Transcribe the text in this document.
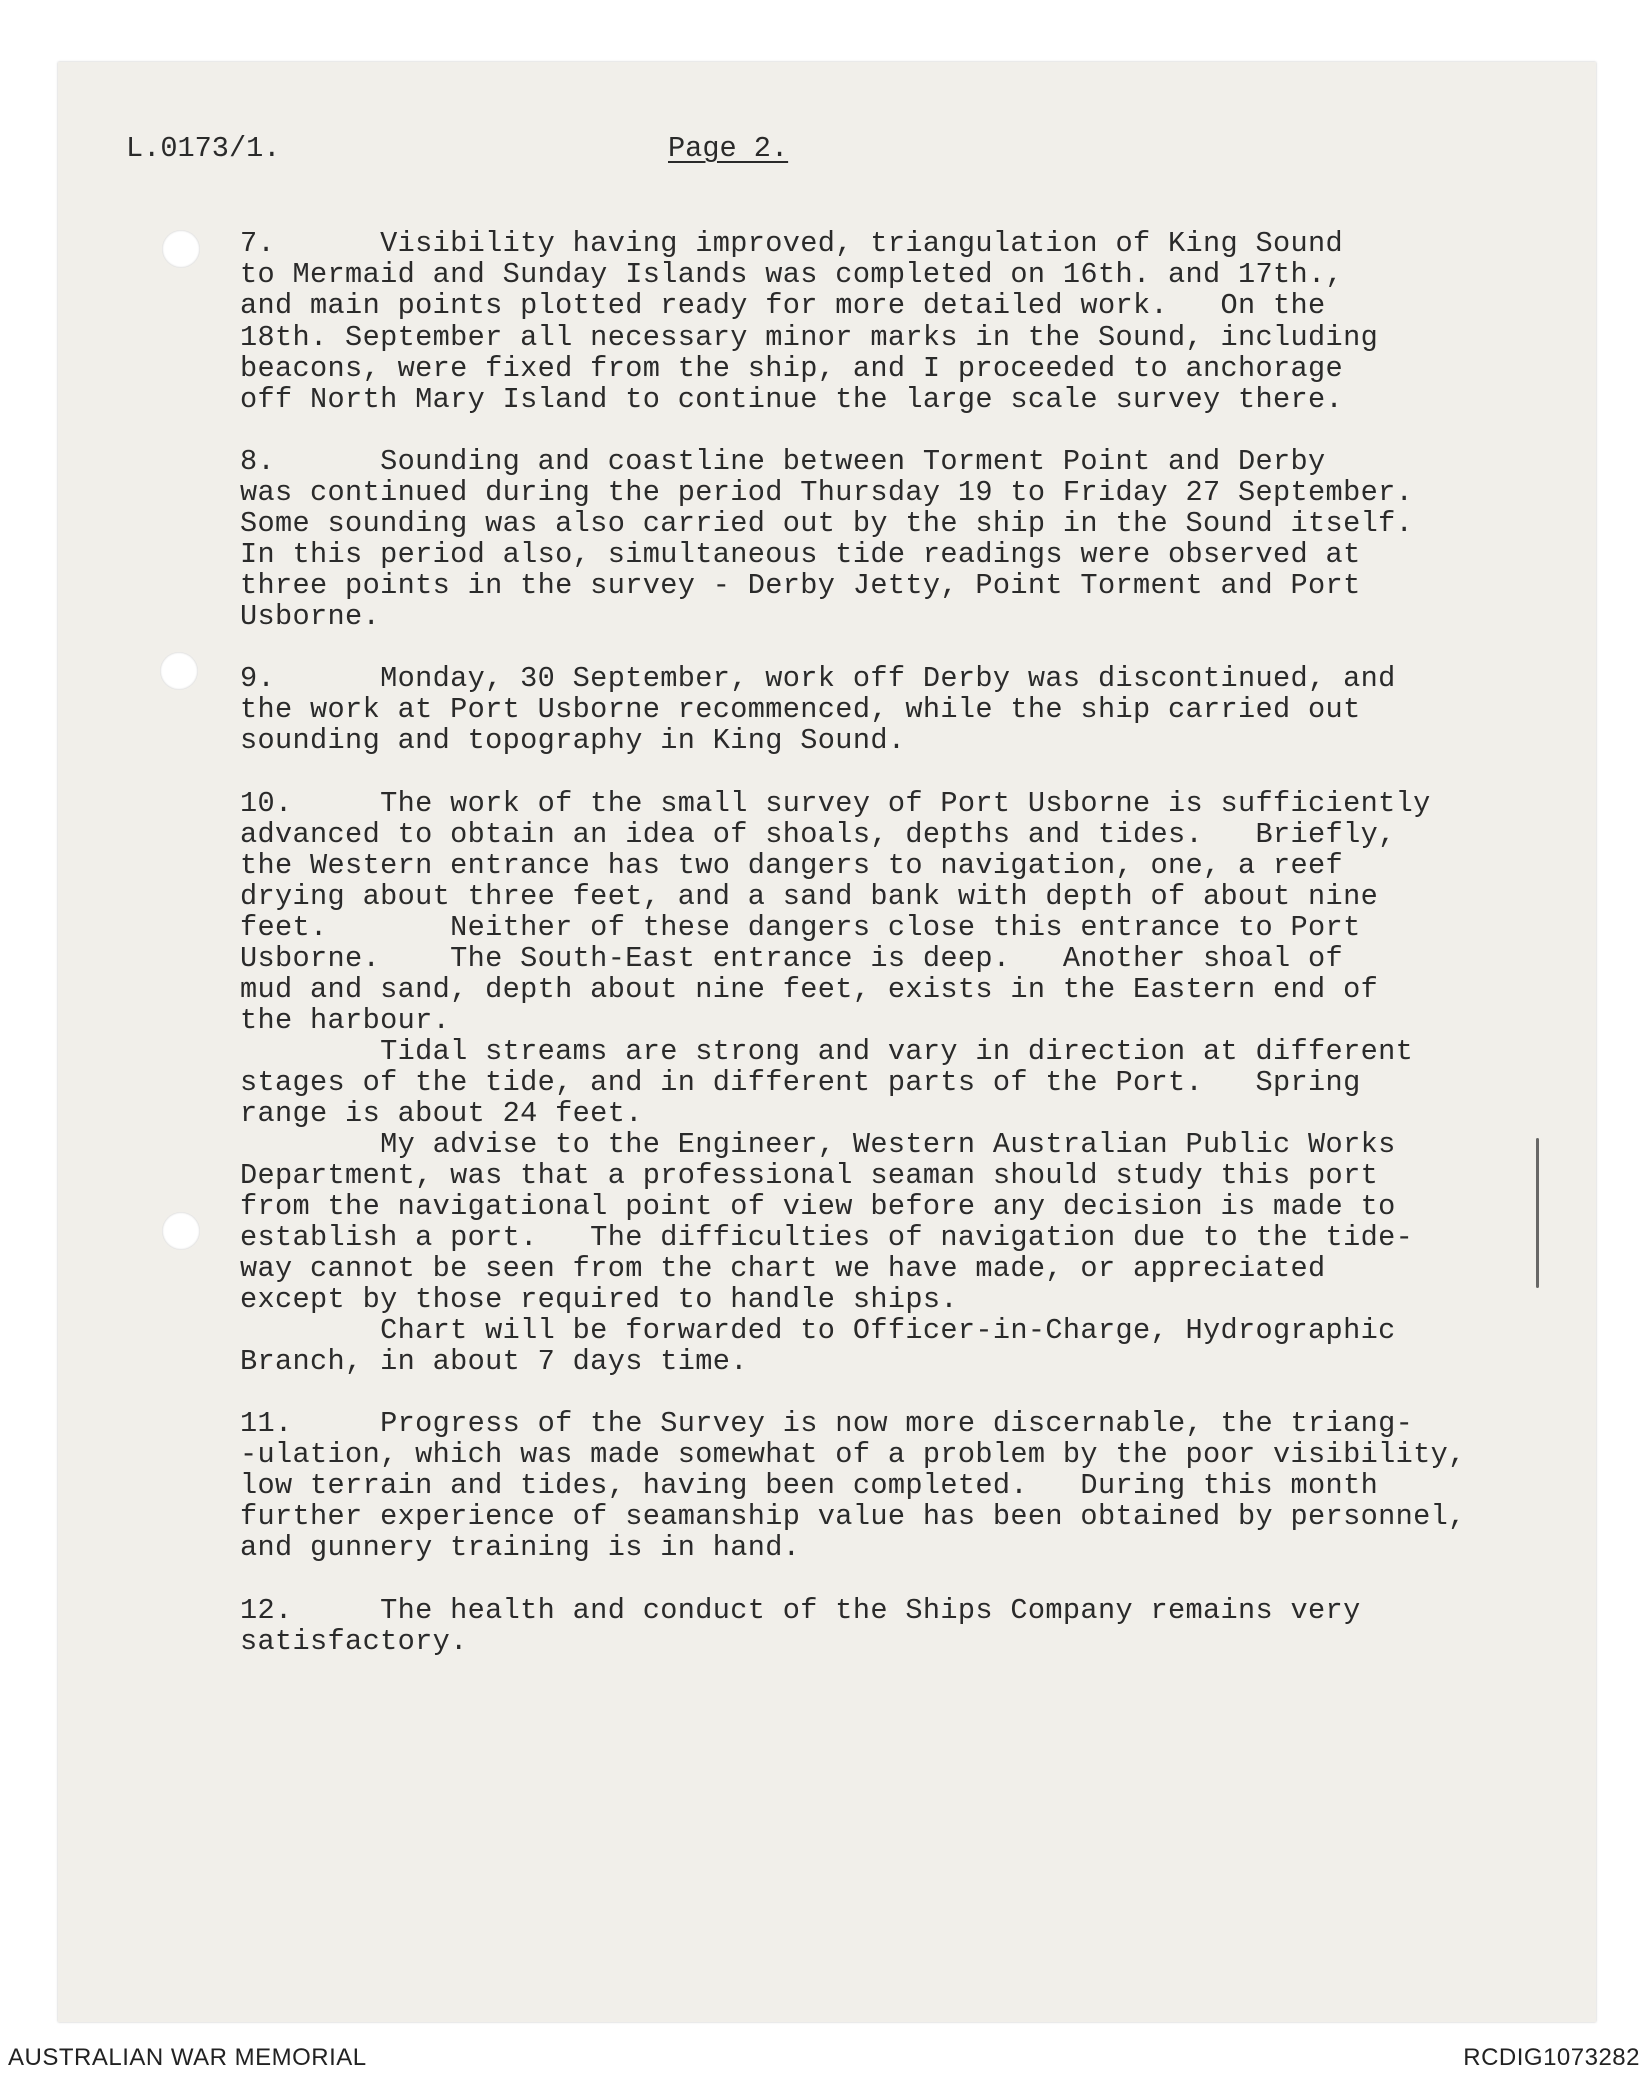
L.0173/1.	Page 2.
7.      Visibility having improved, triangulation of King Sound
to Mermaid and Sunday Islands was completed on 16th. and 17th.,
and main points plotted ready for more detailed work.   On the
18th. September all necessary minor marks in the Sound, including
beacons, were fixed from the ship, and I proceeded to anchorage
off North Mary Island to continue the large scale survey there.
8.      Sounding and coastline between Torment Point and Derby
was continued during the period Thursday 19 to Friday 27 September.
Some sounding was also carried out by the ship in the Sound itself.
In this period also, simultaneous tide readings were observed at
three points in the survey - Derby Jetty, Point Torment and Port
Usborne.
9.      Monday, 30 September, work off Derby was discontinued, and
the work at Port Usborne recommenced, while the ship carried out
sounding and topography in King Sound.
10.     The work of the small survey of Port Usborne is sufficiently
advanced to obtain an idea of shoals, depths and tides.   Briefly,
the Western entrance has two dangers to navigation, one, a reef
drying about three feet, and a sand bank with depth of about nine
feet.       Neither of these dangers close this entrance to Port
Usborne.    The South-East entrance is deep.   Another shoal of
mud and sand, depth about nine feet, exists in the Eastern end of
the harbour.
Tidal streams are strong and vary in direction at different
stages of the tide, and in different parts of the Port.   Spring
range is about 24 feet.
My advise to the Engineer, Western Australian Public Works
Department, was that a professional seaman should study this port
from the navigational point of view before any decision is made to
establish a port.   The difficulties of navigation due to the tide-
way cannot be seen from the chart we have made, or appreciated
except by those required to handle ships.
Chart will be forwarded to Officer-in-Charge, Hydrographic
Branch, in about 7 days time.
11.     Progress of the Survey is now more discernable, the triang-
-ulation, which was made somewhat of a problem by the poor visibility,
low terrain and tides, having been completed.   During this month
further experience of seamanship value has been obtained by personnel,
and gunnery training is in hand.
12.     The health and conduct of the Ships Company remains very
satisfactory.
AUSTRALIAN WAR MEMORIAL	RCDIG1073282
